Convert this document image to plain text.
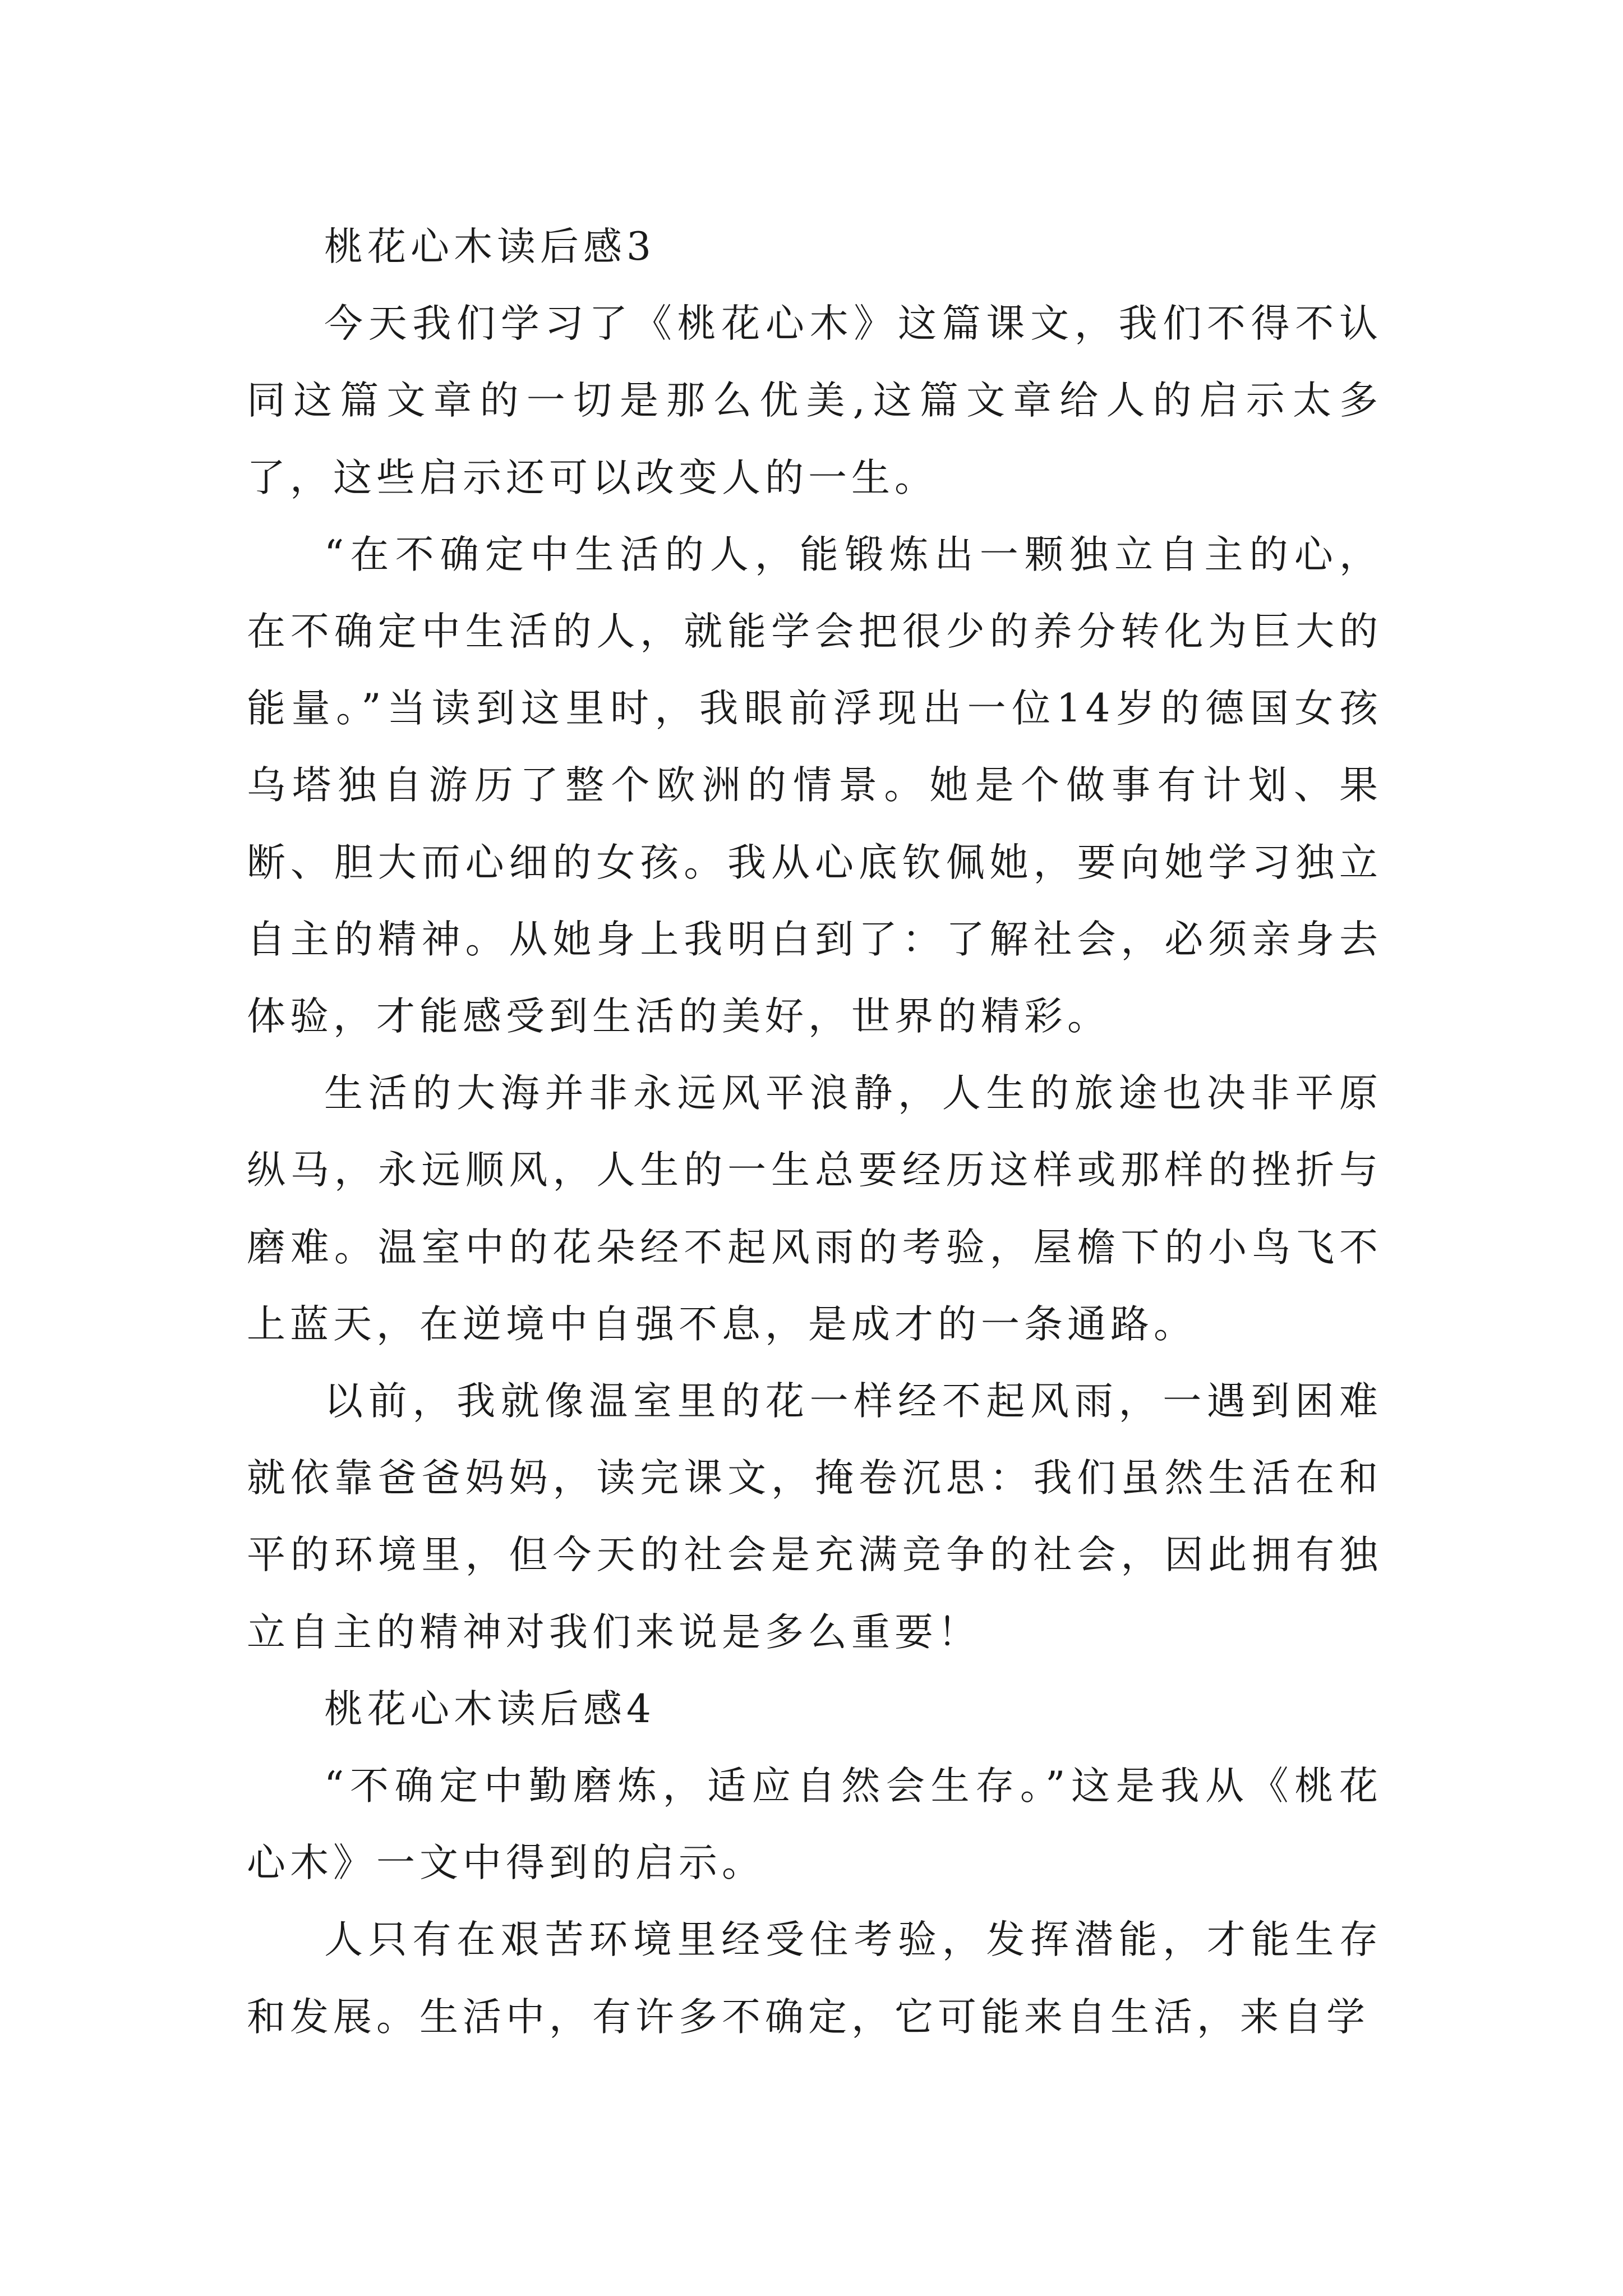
桃花心木读后感3

今天我们学习了《桃花心木》这篇课文，我们不得不认同这篇文章的一切是那么优美,这篇文章给人的启示太多了，这些启示还可以改变人的一生。

“在不确定中生活的人，能锻炼出一颗独立自主的心，在不确定中生活的人，就能学会把很少的养分转化为巨大的能量。”当读到这里时，我眼前浮现出一位14岁的德国女孩乌塔独自游历了整个欧洲的情景。她是个做事有计划、果断、胆大而心细的女孩。我从心底钦佩她，要向她学习独立自主的精神。从她身上我明白到了：了解社会，必须亲身去体验，才能感受到生活的美好，世界的精彩。

生活的大海并非永远风平浪静，人生的旅途也决非平原纵马，永远顺风，人生的一生总要经历这样或那样的挫折与磨难。温室中的花朵经不起风雨的考验，屋檐下的小鸟飞不上蓝天，在逆境中自强不息，是成才的一条通路。

以前，我就像温室里的花一样经不起风雨，一遇到困难就依靠爸爸妈妈，读完课文，掩卷沉思：我们虽然生活在和平的环境里，但今天的社会是充满竞争的社会，因此拥有独立自主的精神对我们来说是多么重要！

桃花心木读后感4

“不确定中勤磨炼，适应自然会生存。”这是我从《桃花心木》一文中得到的启示。

人只有在艰苦环境里经受住考验，发挥潜能，才能生存和发展。生活中，有许多不确定，它可能来自生活，来自学
